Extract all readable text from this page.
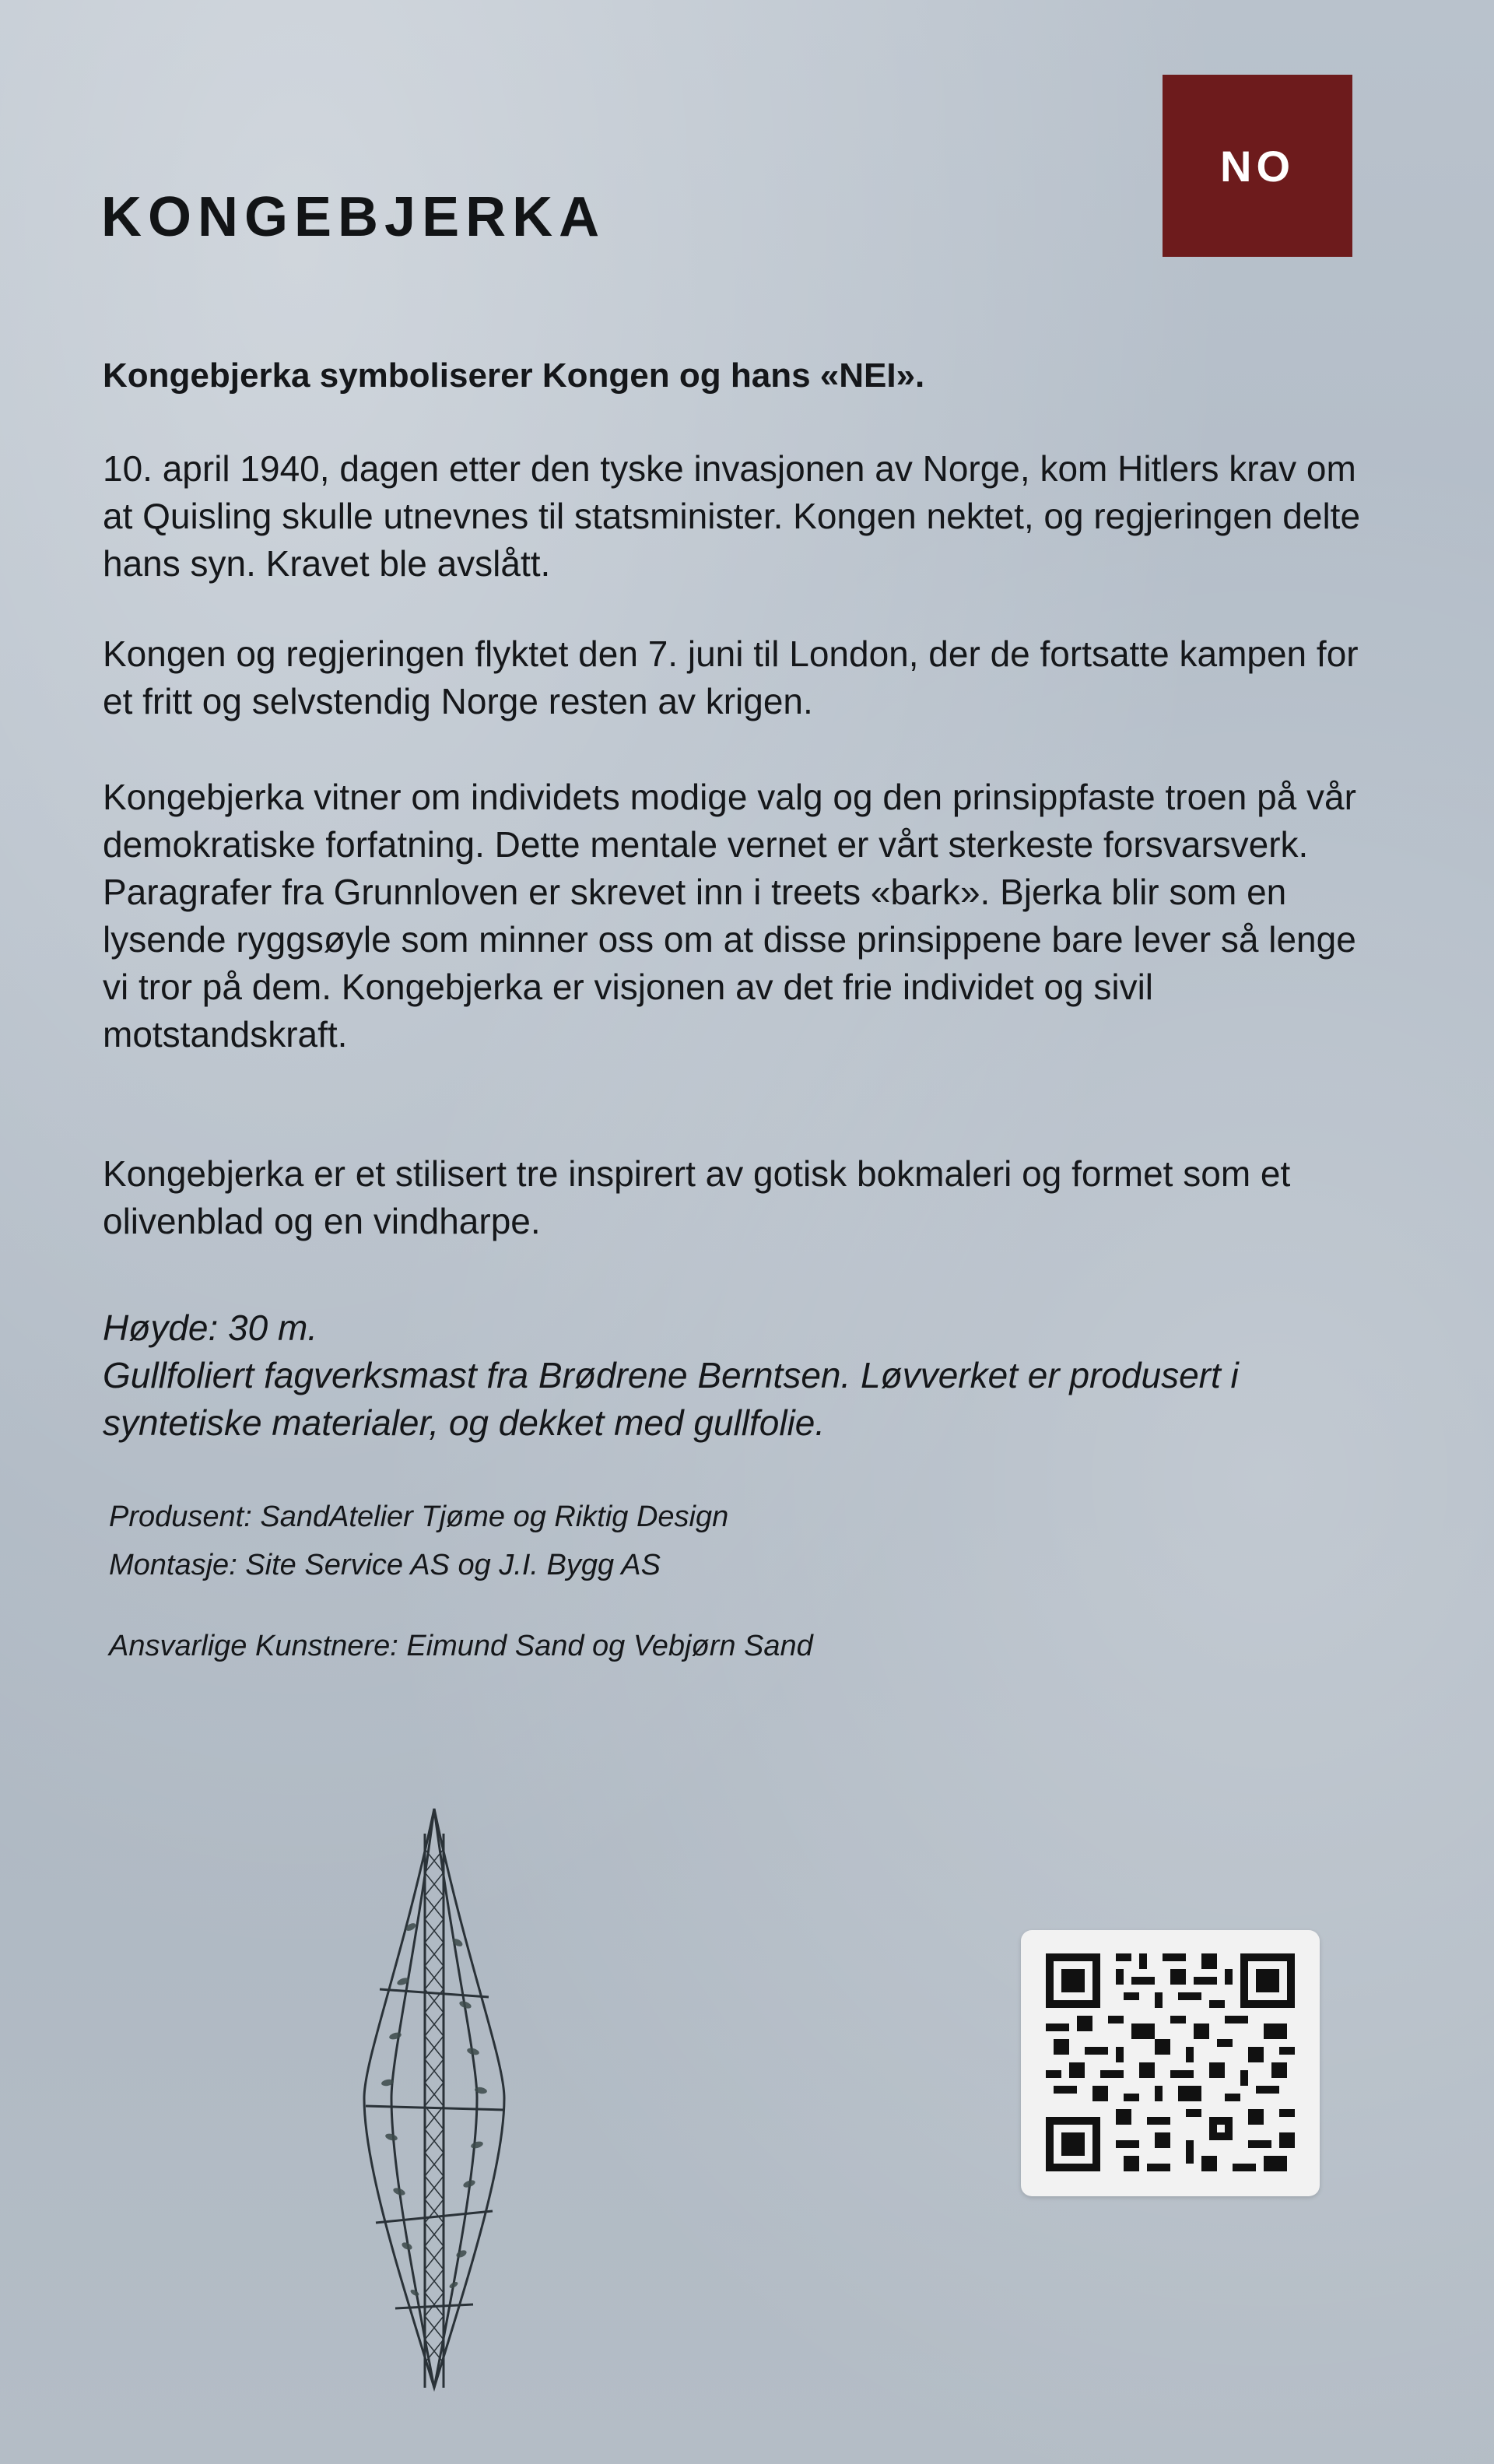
NO
KONGEBJERKA

Kongebjerka symboliserer Kongen og hans «NEI».

10. april 1940, dagen etter den tyske invasjonen av Norge, kom Hitlers krav om at Quisling skulle utnevnes til statsminister. Kongen nektet, og regjeringen delte hans syn. Kravet ble avslått.

Kongen og regjeringen flyktet den 7. juni til London, der de fortsatte kampen for et fritt og selvstendig Norge resten av krigen.

Kongebjerka vitner om individets modige valg og den prinsippfaste troen på vår demokratiske forfatning. Dette mentale vernet er vårt sterkeste forsvarsverk. Paragrafer fra Grunnloven er skrevet inn i treets «bark». Bjerka blir som en lysende ryggsøyle som minner oss om at disse prinsippene bare lever så lenge vi tror på dem. Kongebjerka er visjonen av det frie individet og sivil motstandskraft.

Kongebjerka er et stilisert tre inspirert av gotisk bokmaleri og formet som et olivenblad og en vindharpe.

Høyde: 30 m.
Gullfoliert fagverksmast fra Brødrene Berntsen. Løvverket er produsert i syntetiske materialer, og dekket med gullfolie.
Produsent: SandAtelier Tjøme og Riktig Design
Montasje: Site Service AS og J.I. Bygg AS
Ansvarlige Kunstnere: Eimund Sand og Vebjørn Sand
